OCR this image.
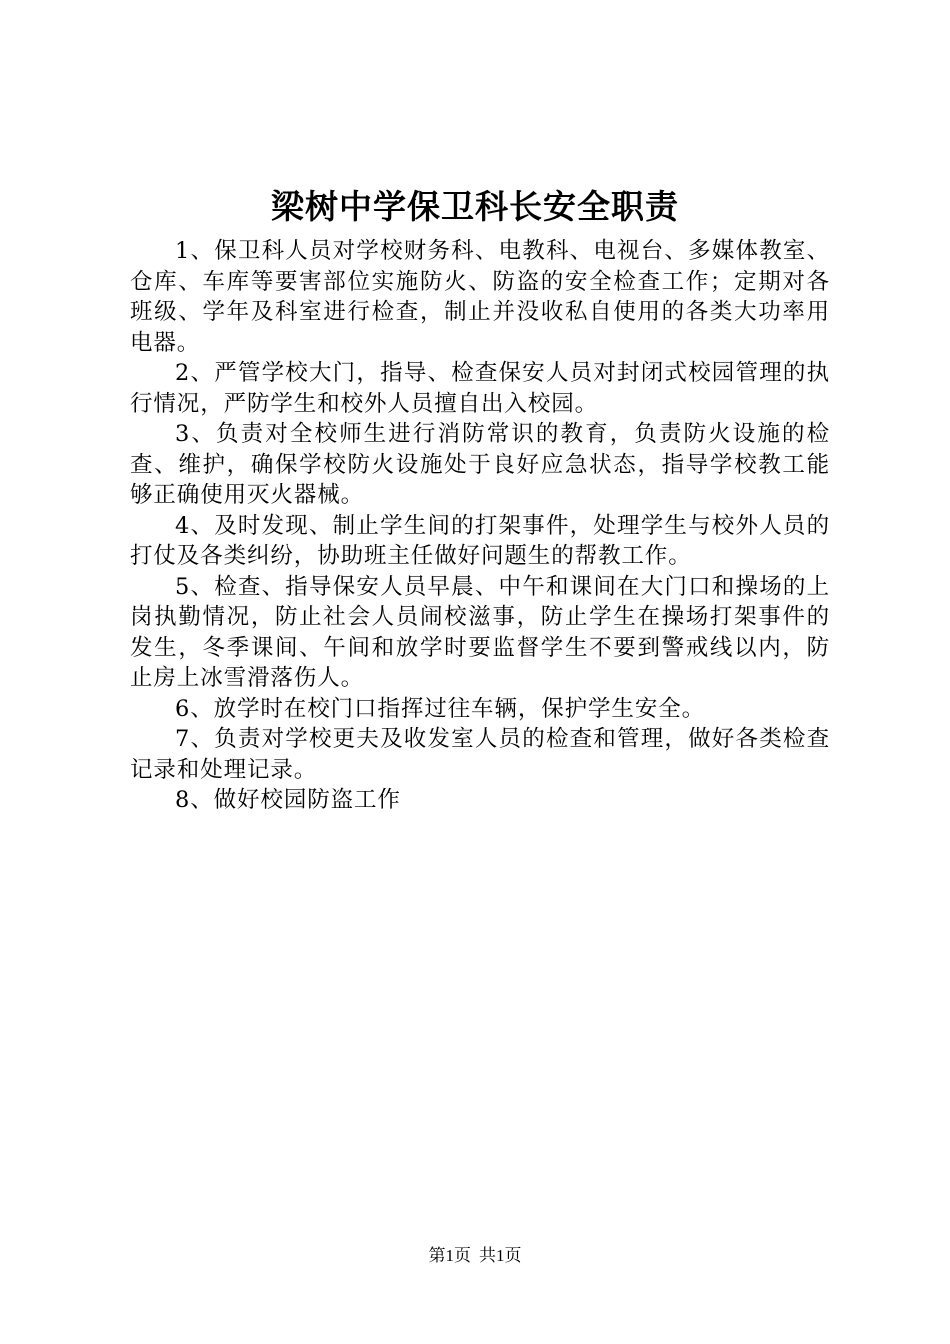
梁树中学保卫科长安全职责

1、保卫科人员对学校财务科、电教科、电视台、多媒体教室、仓库、车库等要害部位实施防火、防盗的安全检查工作；定期对各班级、学年及科室进行检查，制止并没收私自使用的各类大功率用电器。

2、严管学校大门，指导、检查保安人员对封闭式校园管理的执行情况，严防学生和校外人员擅自出入校园。

3、负责对全校师生进行消防常识的教育，负责防火设施的检查、维护，确保学校防火设施处于良好应急状态，指导学校教工能够正确使用灭火器械。

4、及时发现、制止学生间的打架事件，处理学生与校外人员的打仗及各类纠纷，协助班主任做好问题生的帮教工作。

5、检查、指导保安人员早晨、中午和课间在大门口和操场的上岗执勤情况，防止社会人员闹校滋事，防止学生在操场打架事件的发生，冬季课间、午间和放学时要监督学生不要到警戒线以内，防止房上冰雪滑落伤人。

6、放学时在校门口指挥过往车辆，保护学生安全。

7、负责对学校更夫及收发室人员的检查和管理，做好各类检查记录和处理记录。

8、做好校园防盗工作

第1页 共1页
